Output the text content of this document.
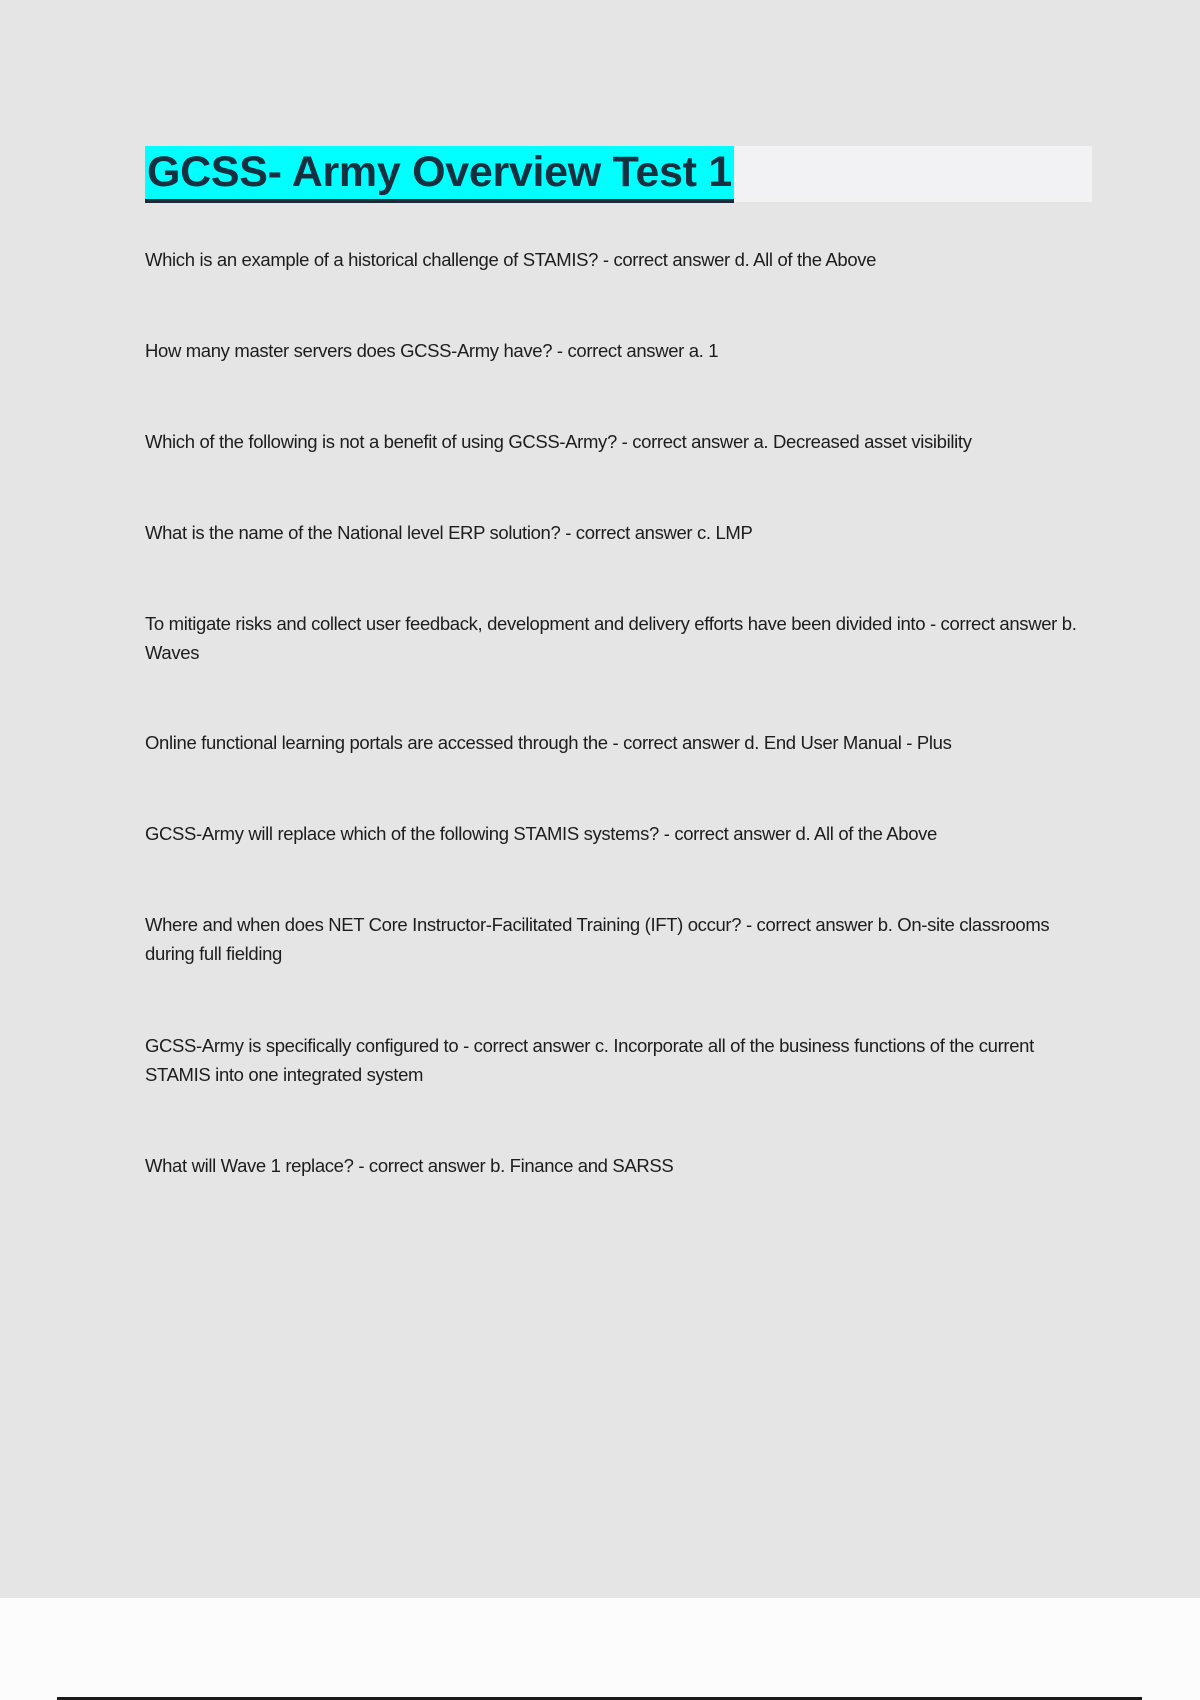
GCSS- Army Overview Test 1

Which is an example of a historical challenge of STAMIS? - correct answer d. All of the Above

How many master servers does GCSS-Army have? - correct answer a. 1

Which of the following is not a benefit of using GCSS-Army? - correct answer a. Decreased asset visibility

What is the name of the National level ERP solution? - correct answer c. LMP

To mitigate risks and collect user feedback, development and delivery efforts have been divided into - correct answer b. Waves

Online functional learning portals are accessed through the - correct answer d. End User Manual - Plus

GCSS-Army will replace which of the following STAMIS systems? - correct answer d. All of the Above

Where and when does NET Core Instructor-Facilitated Training (IFT) occur? - correct answer b. On-site classrooms during full fielding

GCSS-Army is specifically configured to - correct answer c. Incorporate all of the business functions of the current STAMIS into one integrated system

What will Wave 1 replace? - correct answer b. Finance and SARSS
